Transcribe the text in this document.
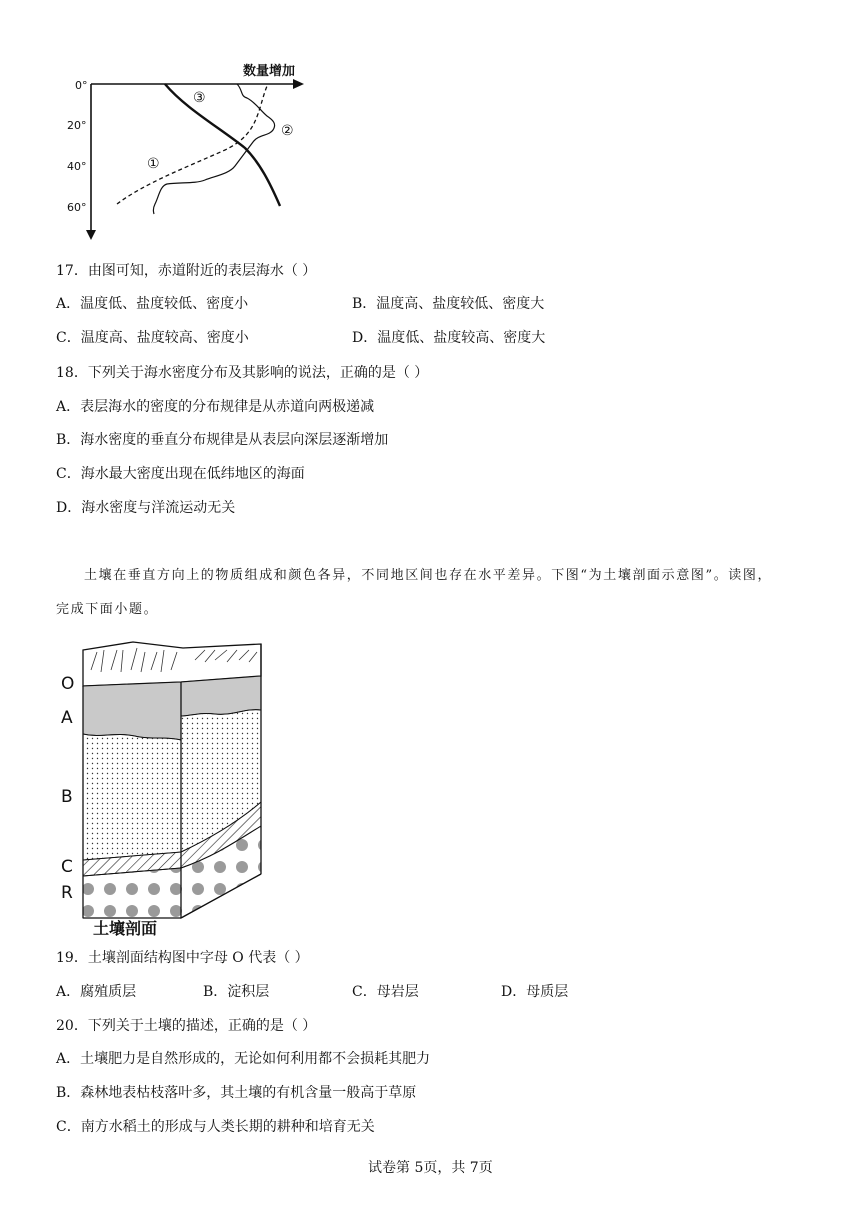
数量增加
0°
20°
40°
60°
③
②
①
17．由图可知，赤道附近的表层海水（ ）
A．温度低、盐度较低、密度小	B．温度高、盐度较低、密度大
C．温度高、盐度较高、密度小	D．温度低、盐度较高、密度大
18．下列关于海水密度分布及其影响的说法，正确的是（ ）
A．表层海水的密度的分布规律是从赤道向两极递减
B．海水密度的垂直分布规律是从表层向深层逐渐增加
C．海水最大密度出现在低纬地区的海面
D．海水密度与洋流运动无关
土壤在垂直方向上的物质组成和颜色各异，不同地区间也存在水平差异。下图“为土壤剖面示意图”。读图，
完成下面小题。
O
A
B
C
R
土壤剖面
19．土壤剖面结构图中字母 O 代表（ ）
A．腐殖质层	B．淀积层	C．母岩层	D．母质层
20．下列关于土壤的描述，正确的是（ ）
A．土壤肥力是自然形成的，无论如何利用都不会损耗其肥力
B．森林地表枯枝落叶多，其土壤的有机含量一般高于草原
C．南方水稻土的形成与人类长期的耕种和培育无关
试卷第 5页，共 7页
